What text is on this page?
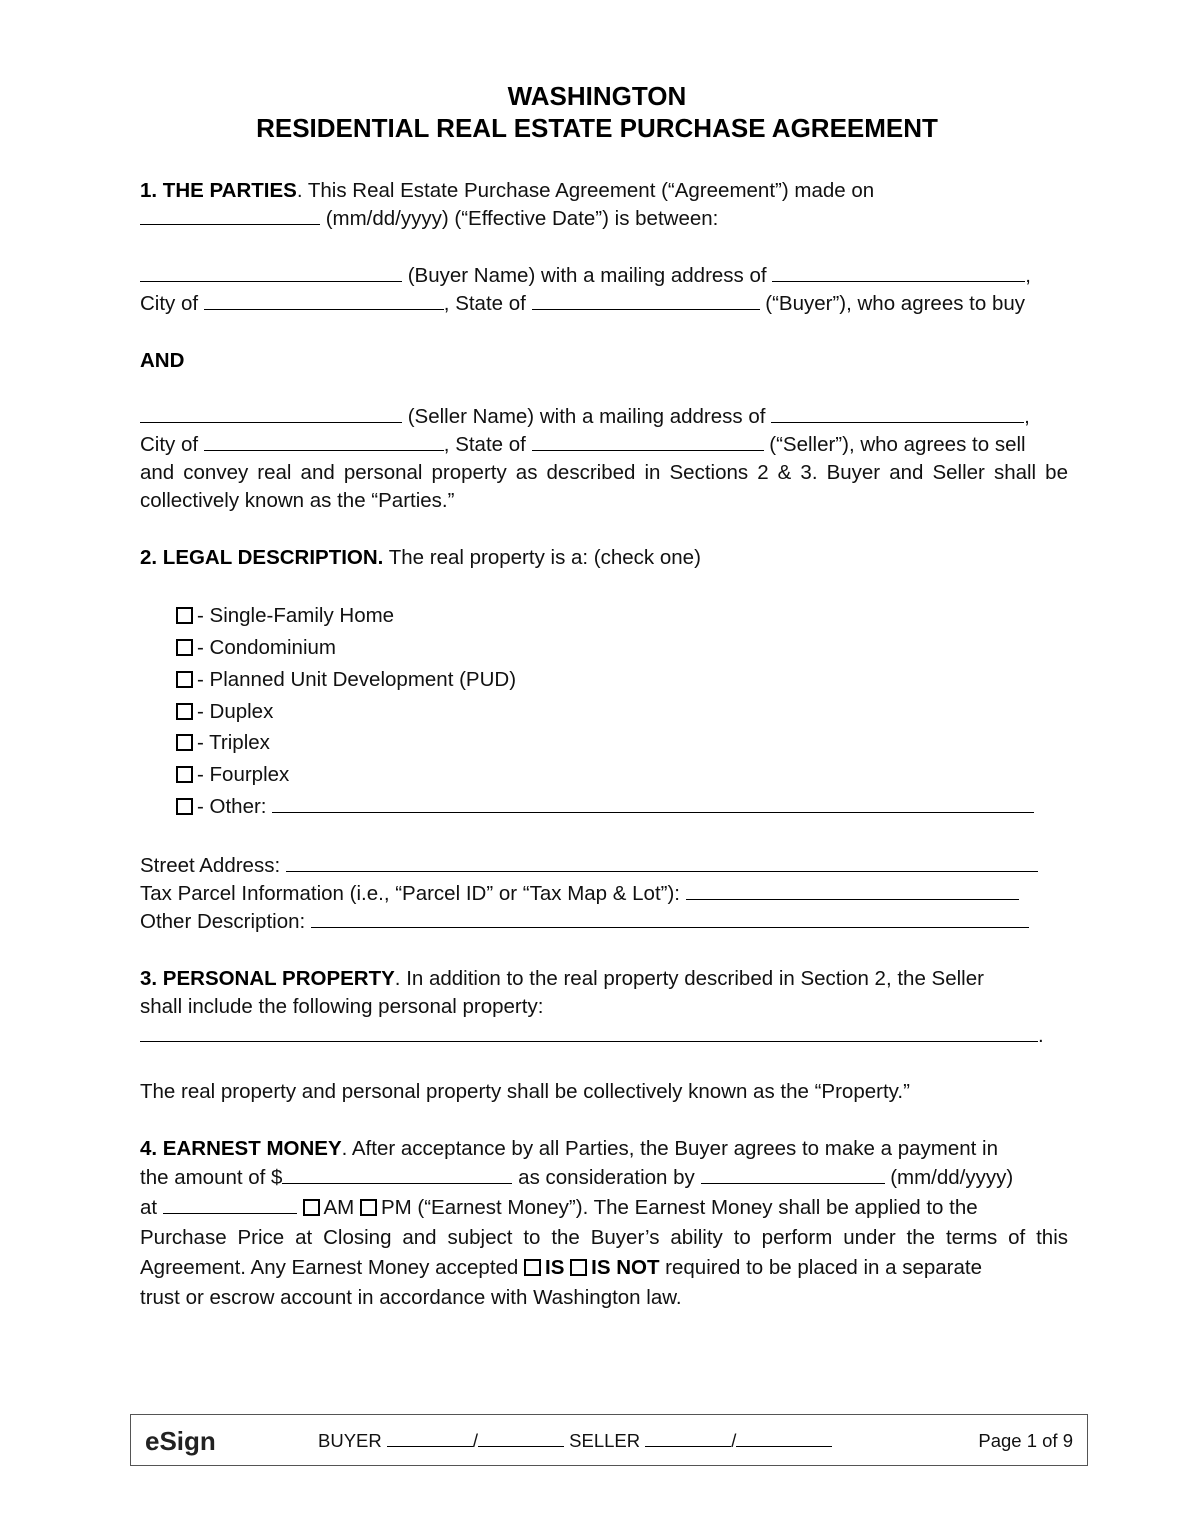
WASHINGTON
RESIDENTIAL REAL ESTATE PURCHASE AGREEMENT
1. THE PARTIES. This Real Estate Purchase Agreement (“Agreement”) made on
(mm/dd/yyyy) (“Effective Date”) is between:
(Buyer Name) with a mailing address of	,
City of	, State of	(“Buyer”), who agrees to buy
AND
(Seller Name) with a mailing address of	,
City of	, State of	(“Seller”), who agrees to sell
and convey real and personal property as described in Sections 2 & 3. Buyer and Seller shall be
collectively known as the “Parties.”
2. LEGAL DESCRIPTION. The real property is a: (check one)
- Single-Family Home
- Condominium
- Planned Unit Development (PUD)
- Duplex
- Triplex
- Fourplex
- Other:
Street Address:
Tax Parcel Information (i.e., “Parcel ID” or “Tax Map & Lot”):
Other Description:
3. PERSONAL PROPERTY. In addition to the real property described in Section 2, the Seller
shall include the following personal property:
.
The real property and personal property shall be collectively known as the “Property.”
4. EARNEST MONEY. After acceptance by all Parties, the Buyer agrees to make a payment in
the amount of $	as consideration by	(mm/dd/yyyy)
at	AM PM (“Earnest Money”). The Earnest Money shall be applied to the
Purchase Price at Closing and subject to the Buyer’s ability to perform under the terms of this
Agreement. Any Earnest Money accepted IS IS NOT required to be placed in a separate
trust or escrow account in accordance with Washington law.
eSign	BUYER	/	SELLER	/	Page 1 of 9
